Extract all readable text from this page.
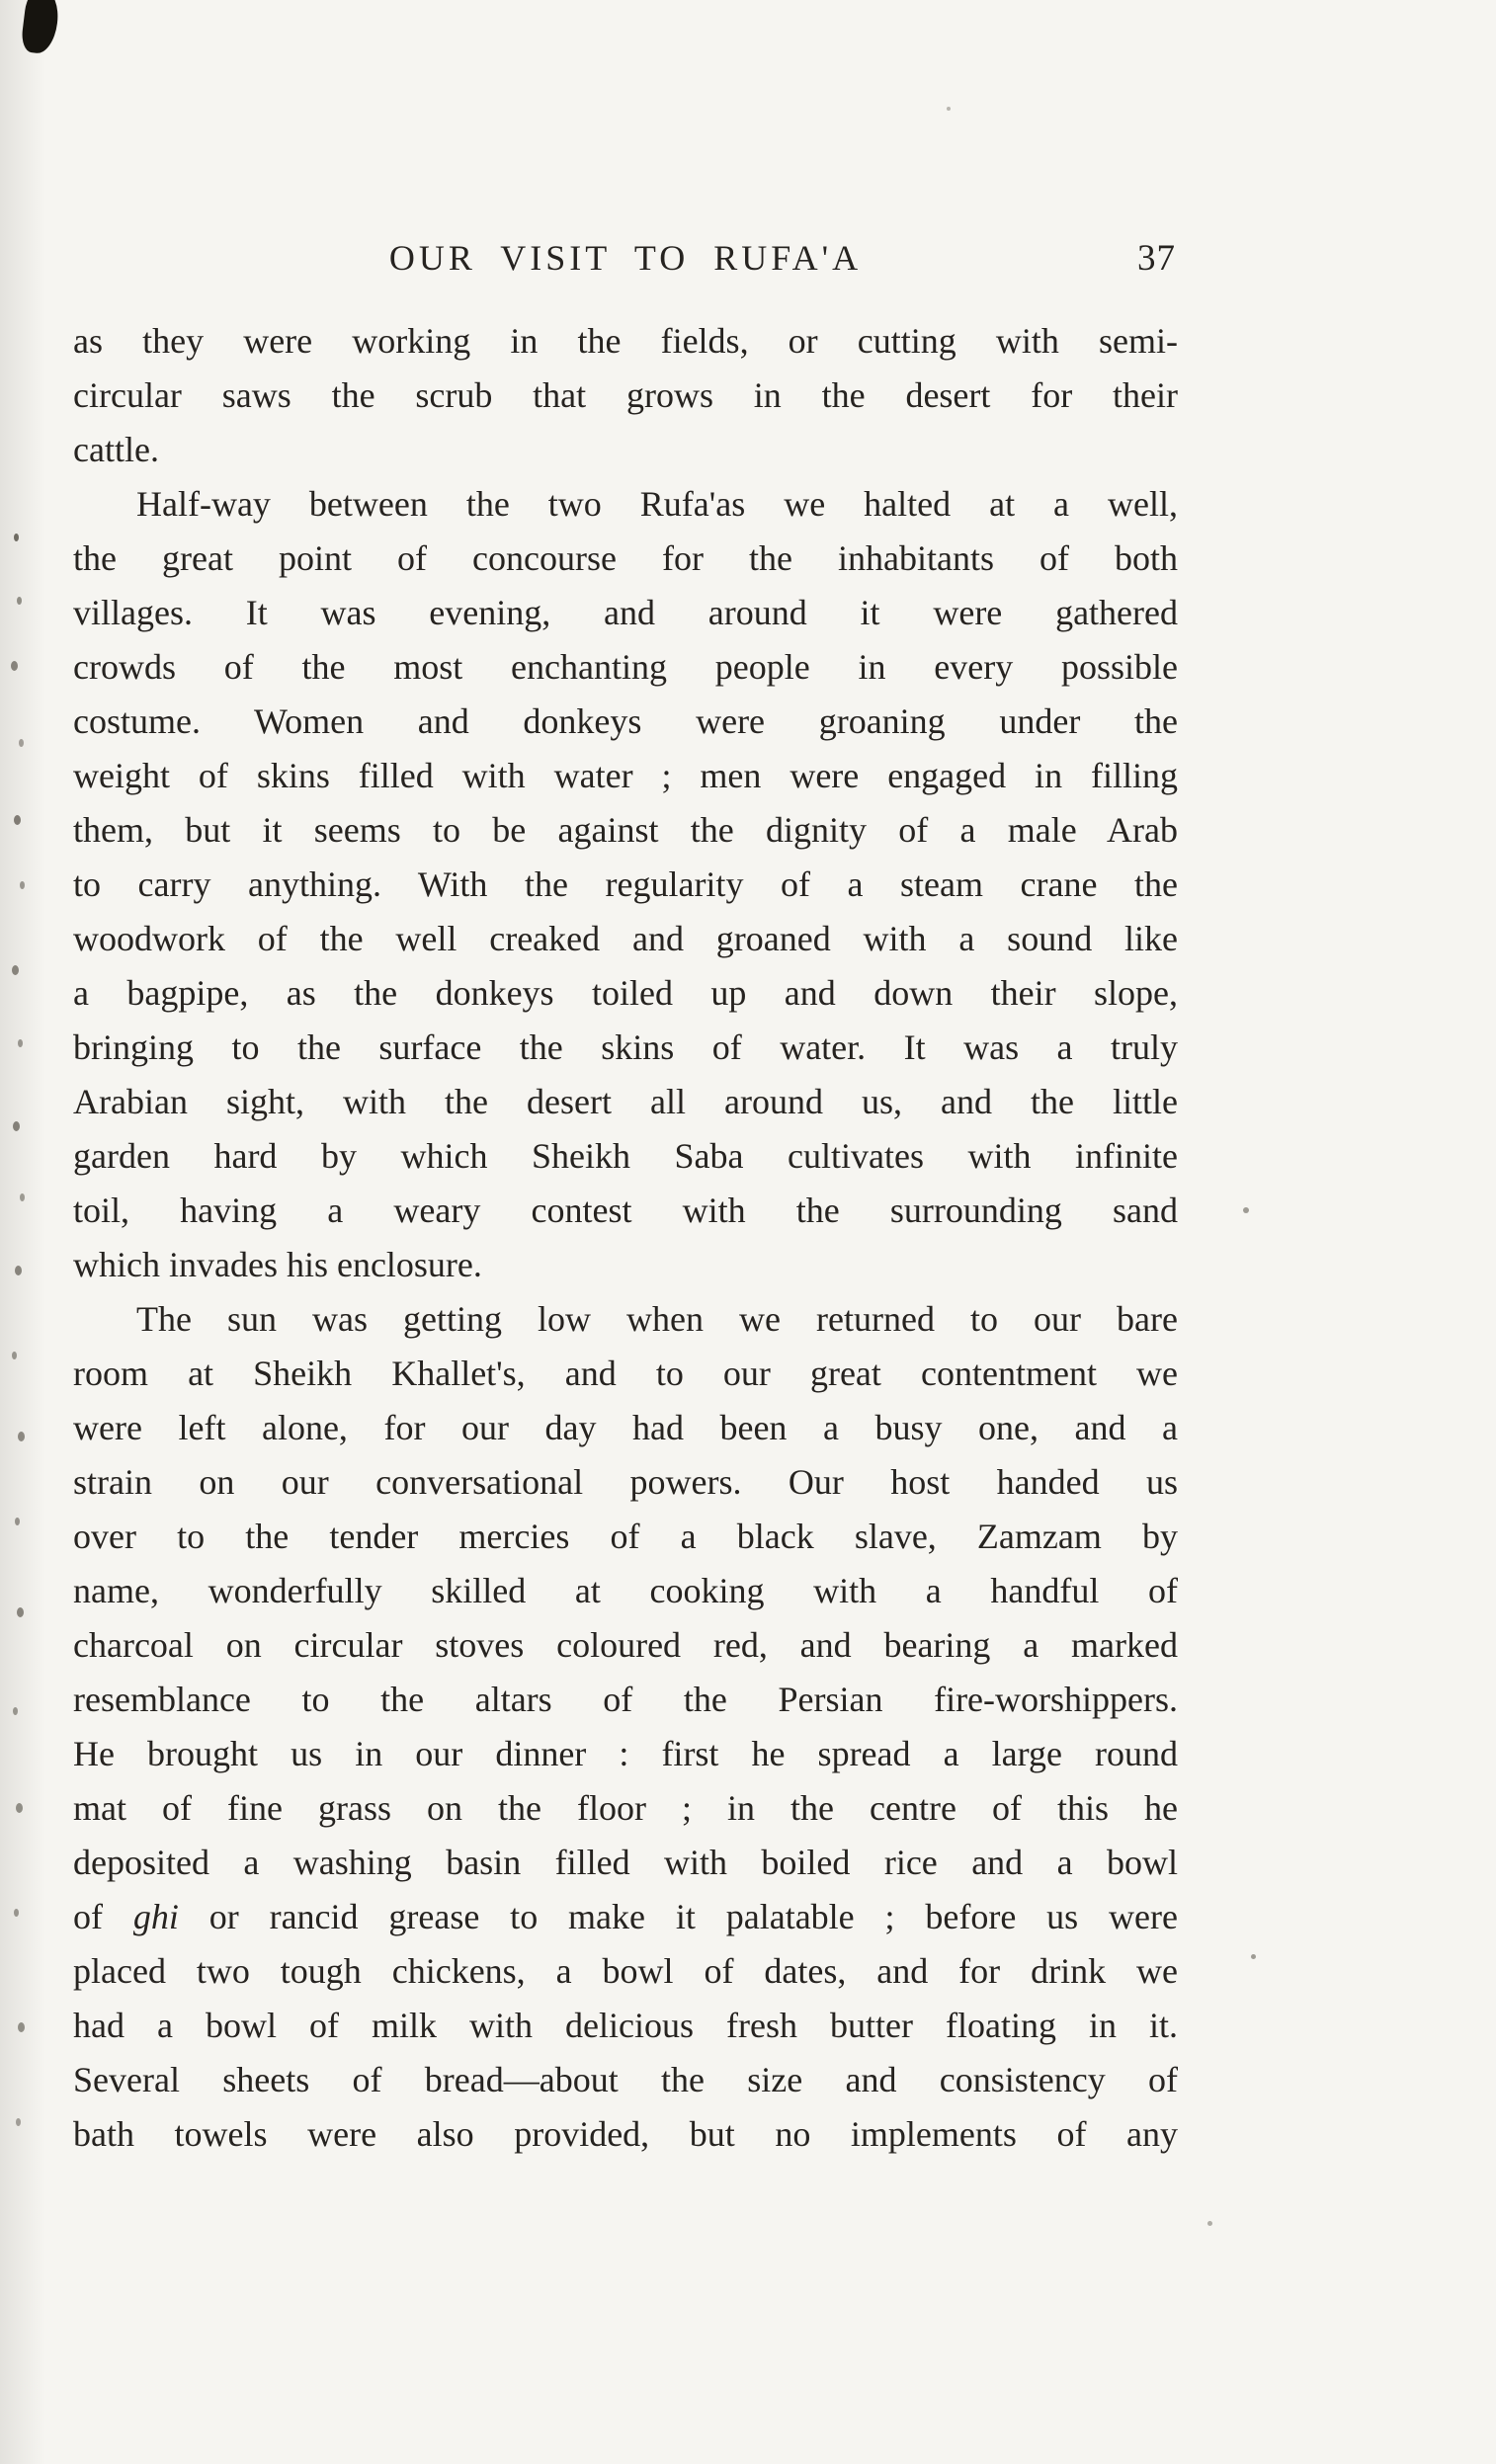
OUR VISIT TO RUFA'A	37

as they were working in the fields, or cutting with semi-
circular saws the scrub that grows in the desert for their
cattle.

Half-way between the two Rufa'as we halted at a well,
the great point of concourse for the inhabitants of both
villages. It was evening, and around it were gathered
crowds of the most enchanting people in every possible
costume. Women and donkeys were groaning under the
weight of skins filled with water ; men were engaged in filling
them, but it seems to be against the dignity of a male Arab
to carry anything. With the regularity of a steam crane the
woodwork of the well creaked and groaned with a sound like
a bagpipe, as the donkeys toiled up and down their slope,
bringing to the surface the skins of water. It was a truly
Arabian sight, with the desert all around us, and the little
garden hard by which Sheikh Saba cultivates with infinite
toil, having a weary contest with the surrounding sand
which invades his enclosure.

The sun was getting low when we returned to our bare
room at Sheikh Khallet's, and to our great contentment we
were left alone, for our day had been a busy one, and a
strain on our conversational powers. Our host handed us
over to the tender mercies of a black slave, Zamzam by
name, wonderfully skilled at cooking with a handful of
charcoal on circular stoves coloured red, and bearing a marked
resemblance to the altars of the Persian fire-worshippers.
He brought us in our dinner : first he spread a large round
mat of fine grass on the floor ; in the centre of this he
deposited a washing basin filled with boiled rice and a bowl
of ghi or rancid grease to make it palatable ; before us were
placed two tough chickens, a bowl of dates, and for drink we
had a bowl of milk with delicious fresh butter floating in it.
Several sheets of bread—about the size and consistency of
bath towels were also provided, but no implements of any
